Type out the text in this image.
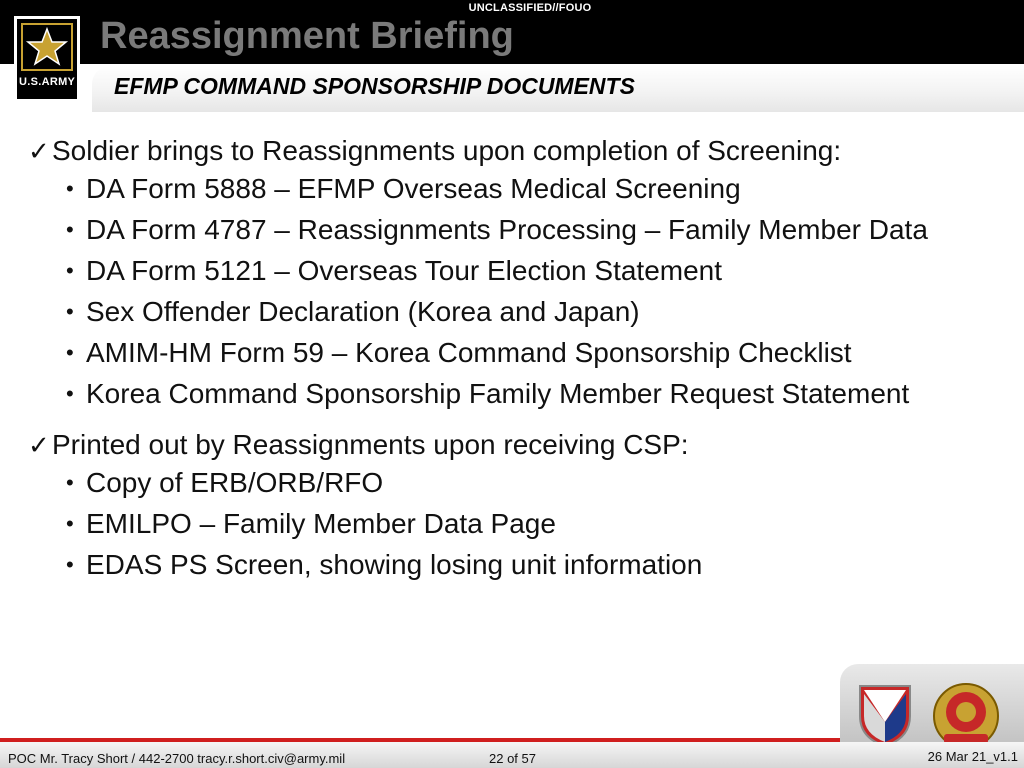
UNCLASSIFIED//FOUO
U.S.ARMY
Reassignment Briefing
EFMP COMMAND SPONSORSHIP DOCUMENTS
✓ Soldier brings to Reassignments upon completion of Screening:
• DA Form 5888 – EFMP Overseas Medical Screening
• DA Form 4787 – Reassignments Processing – Family Member Data
• DA Form 5121 – Overseas Tour Election Statement
• Sex Offender Declaration (Korea and Japan)
• AMIM-HM Form 59 – Korea Command Sponsorship Checklist
• Korea Command Sponsorship Family Member Request Statement
✓ Printed out by Reassignments upon receiving CSP:
• Copy of ERB/ORB/RFO
• EMILPO – Family Member Data Page
• EDAS PS Screen, showing losing unit information
POC Mr. Tracy Short / 442-2700 tracy.r.short.civ@army.mil	22 of 57	26 Mar 21_v1.1
